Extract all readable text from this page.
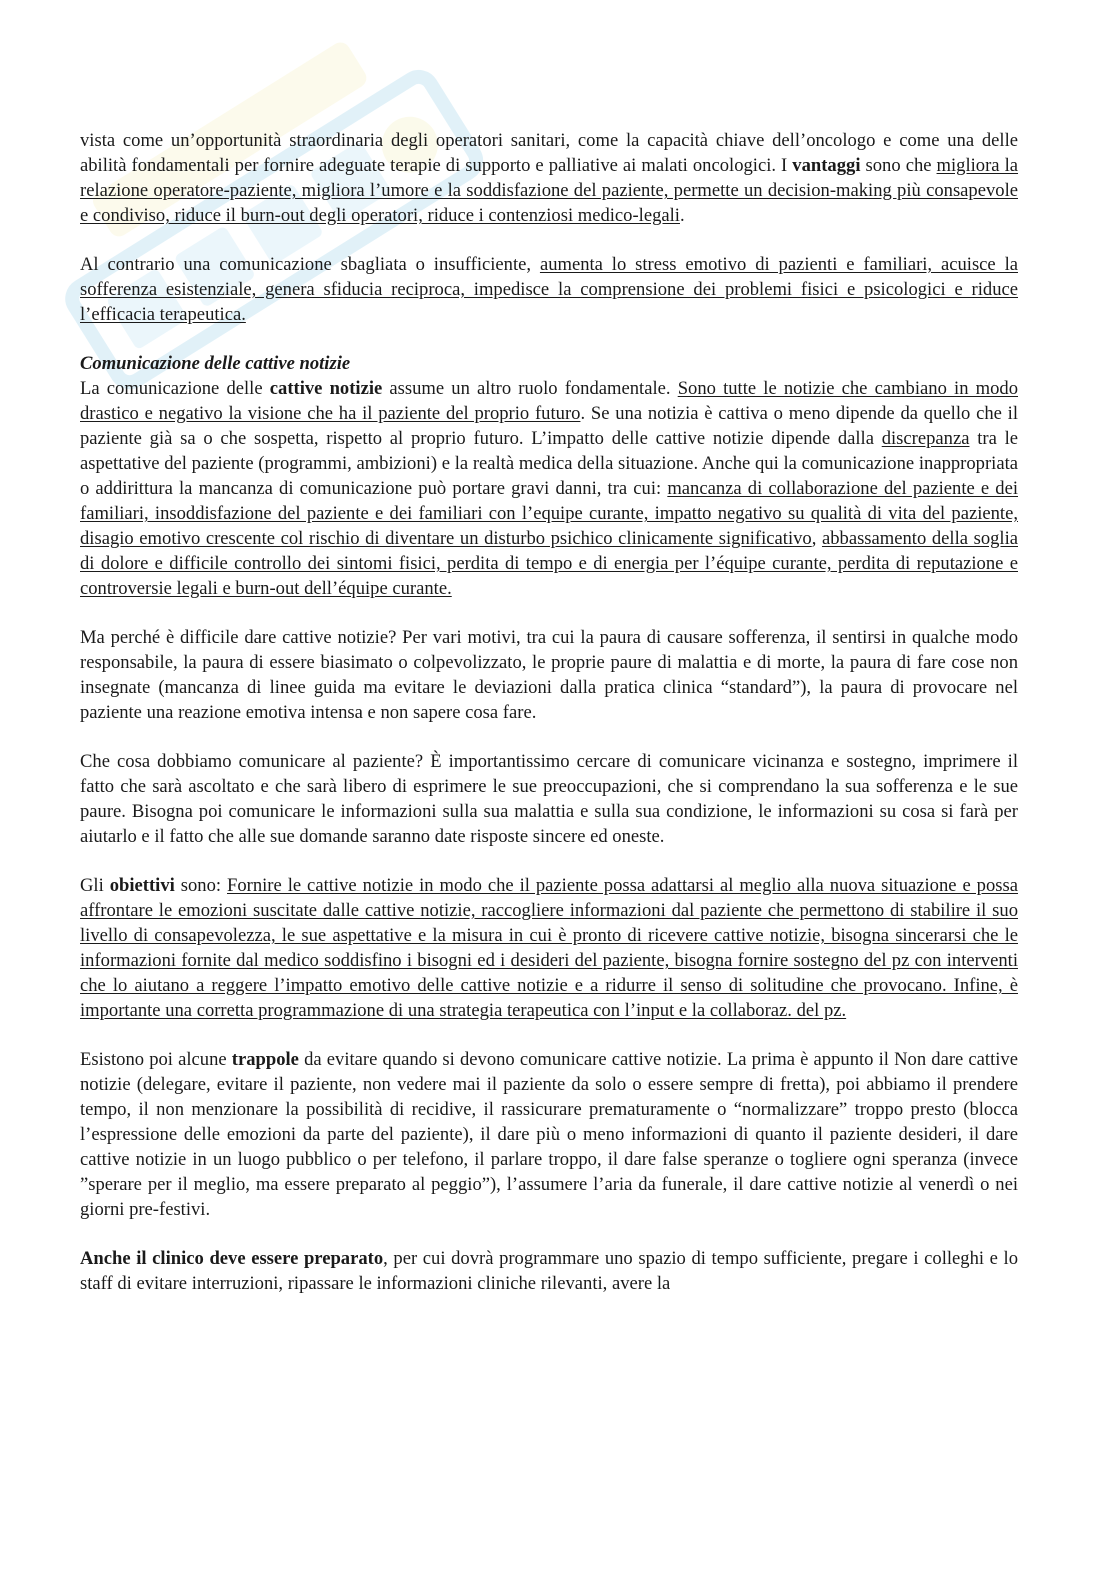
vista come un’opportunità straordinaria degli operatori sanitari, come la capacità chiave dell’oncologo e come una delle abilità fondamentali per fornire adeguate terapie di supporto e palliative ai malati oncologici. I vantaggi sono che migliora la relazione operatore-paziente, migliora l’umore e la soddisfazione del paziente, permette un decision-making più consapevole e condiviso, riduce il burn-out degli operatori, riduce i contenziosi medico-legali.

Al contrario una comunicazione sbagliata o insufficiente, aumenta lo stress emotivo di pazienti e familiari, acuisce la sofferenza esistenziale, genera sfiducia reciproca, impedisce la comprensione dei problemi fisici e psicologici e riduce l’efficacia terapeutica.

Comunicazione delle cattive notizie

La comunicazione delle cattive notizie assume un altro ruolo fondamentale. Sono tutte le notizie che cambiano in modo drastico e negativo la visione che ha il paziente del proprio futuro. Se una notizia è cattiva o meno dipende da quello che il paziente già sa o che sospetta, rispetto al proprio futuro. L’impatto delle cattive notizie dipende dalla discrepanza tra le aspettative del paziente (programmi, ambizioni) e la realtà medica della situazione. Anche qui la comunicazione inappropriata o addirittura la mancanza di comunicazione può portare gravi danni, tra cui: mancanza di collaborazione del paziente e dei familiari, insoddisfazione del paziente e dei familiari con l’equipe curante, impatto negativo su qualità di vita del paziente, disagio emotivo crescente col rischio di diventare un disturbo psichico clinicamente significativo, abbassamento della soglia di dolore e difficile controllo dei sintomi fisici, perdita di tempo e di energia per l’équipe curante, perdita di reputazione e controversie legali e burn-out dell’équipe curante.

Ma perché è difficile dare cattive notizie? Per vari motivi, tra cui la paura di causare sofferenza, il sentirsi in qualche modo responsabile, la paura di essere biasimato o colpevolizzato, le proprie paure di malattia e di morte, la paura di fare cose non insegnate (mancanza di linee guida ma evitare le deviazioni dalla pratica clinica “standard”), la paura di provocare nel paziente una reazione emotiva intensa e non sapere cosa fare.

Che cosa dobbiamo comunicare al paziente? È importantissimo cercare di comunicare vicinanza e sostegno, imprimere il fatto che sarà ascoltato e che sarà libero di esprimere le sue preoccupazioni, che si comprendano la sua sofferenza e le sue paure. Bisogna poi comunicare le informazioni sulla sua malattia e sulla sua condizione, le informazioni su cosa si farà per aiutarlo e il fatto che alle sue domande saranno date risposte sincere ed oneste.

Gli obiettivi sono: Fornire le cattive notizie in modo che il paziente possa adattarsi al meglio alla nuova situazione e possa affrontare le emozioni suscitate dalle cattive notizie, raccogliere informazioni dal paziente che permettono di stabilire il suo livello di consapevolezza, le sue aspettative e la misura in cui è pronto di ricevere cattive notizie, bisogna sincerarsi che le informazioni fornite dal medico soddisfino i bisogni ed i desideri del paziente, bisogna fornire sostegno del pz con interventi che lo aiutano a reggere l’impatto emotivo delle cattive notizie e a ridurre il senso di solitudine che provocano. Infine, è importante una corretta programmazione di una strategia terapeutica con l’input e la collaboraz. del pz.

Esistono poi alcune trappole da evitare quando si devono comunicare cattive notizie. La prima è appunto il Non dare cattive notizie (delegare, evitare il paziente, non vedere mai il paziente da solo o essere sempre di fretta), poi abbiamo il prendere tempo, il non menzionare la possibilità di recidive, il rassicurare prematuramente o “normalizzare” troppo presto (blocca l’espressione delle emozioni da parte del paziente), il dare più o meno informazioni di quanto il paziente desideri, il dare cattive notizie in un luogo pubblico o per telefono, il parlare troppo, il dare false speranze o togliere ogni speranza (invece ”sperare per il meglio, ma essere preparato al peggio”), l’assumere l’aria da funerale, il dare cattive notizie al venerdì o nei giorni pre-festivi.

Anche il clinico deve essere preparato, per cui dovrà programmare uno spazio di tempo sufficiente, pregare i colleghi e lo staff di evitare interruzioni, ripassare le informazioni cliniche rilevanti, avere la
